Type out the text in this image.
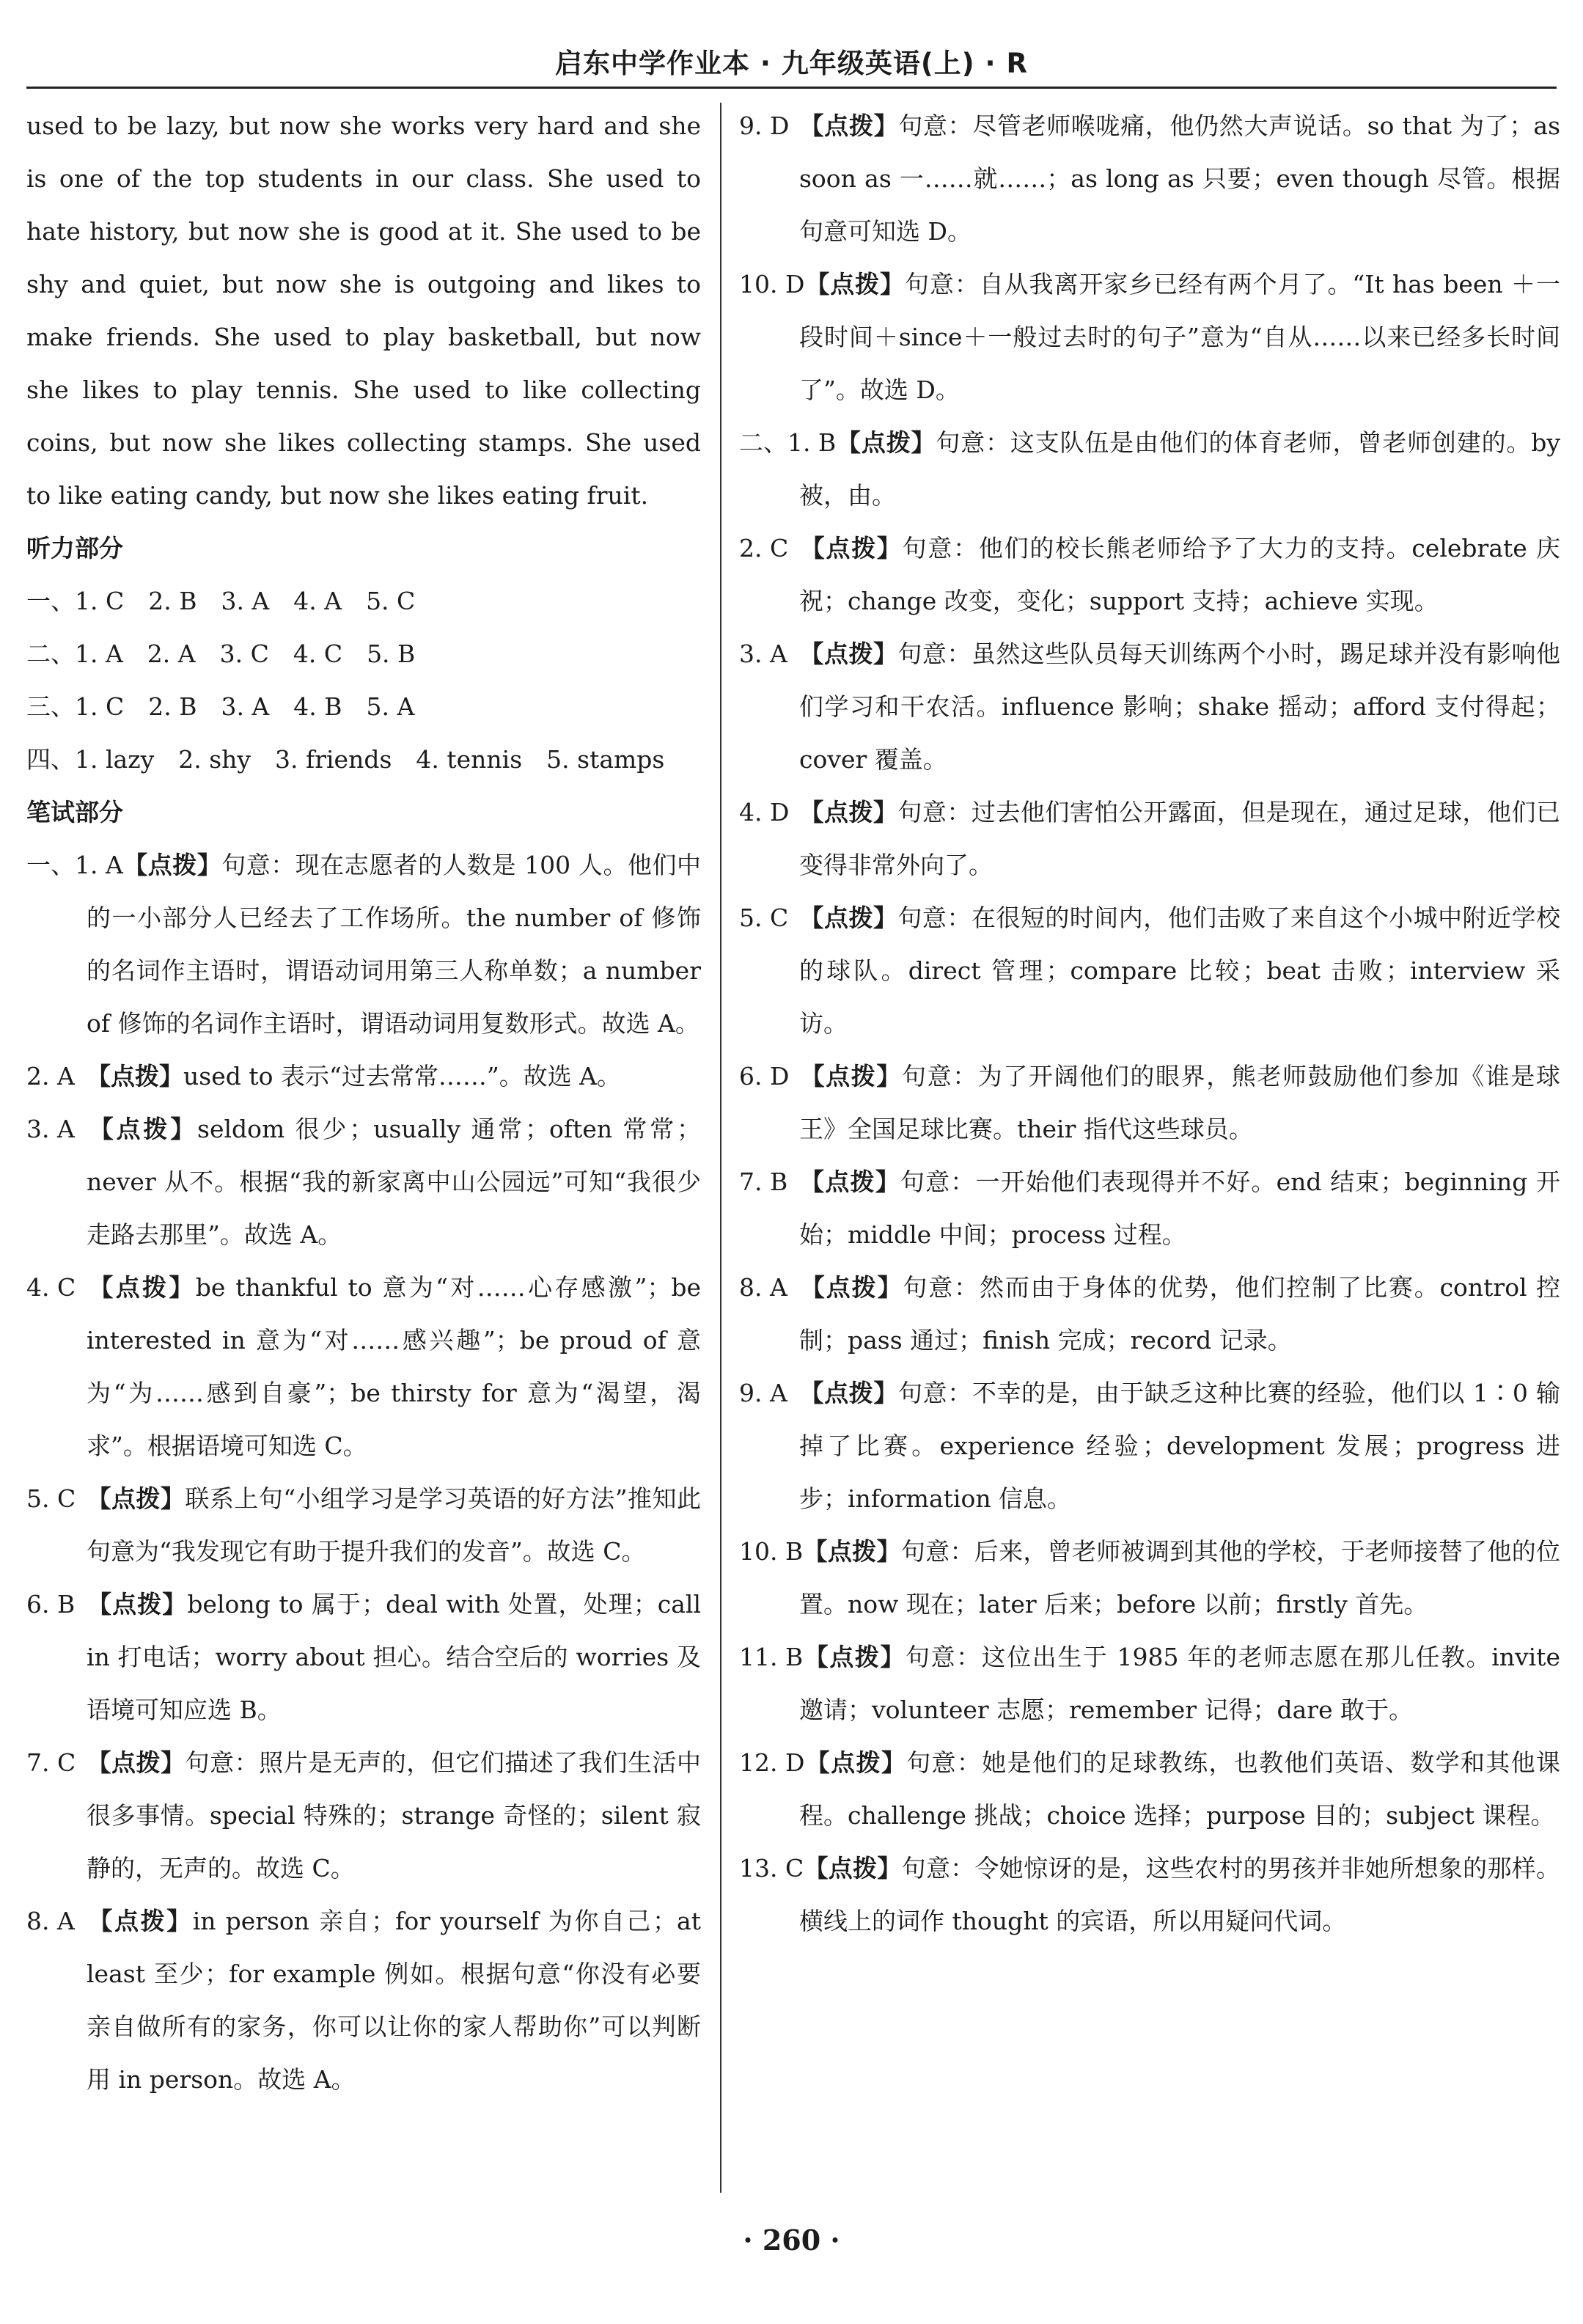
启东中学作业本 · 九年级英语(上) · R

used to be lazy, but now she works very hard and she is one of the top students in our class. She used to hate history, but now she is good at it. She used to be shy and quiet, but now she is outgoing and likes to make friends. She used to play basketball, but now she likes to play tennis. She used to like collecting coins, but now she likes collecting stamps. She used to like eating candy, but now she likes eating fruit.

听力部分

一、1. C　2. B　3. A　4. A　5. C

二、1. A　2. A　3. C　4. C　5. B

三、1. C　2. B　3. A　4. B　5. A

四、1. lazy　2. shy　3. friends　4. tennis　5. stamps

笔试部分

一、1. A【点拨】句意：现在志愿者的人数是 100 人。他们中的一小部分人已经去了工作场所。the number of 修饰的名词作主语时，谓语动词用第三人称单数；a number of 修饰的名词作主语时，谓语动词用复数形式。故选 A。

2. A 【点拨】used to 表示“过去常常……”。故选 A。

3. A 【点拨】seldom 很少；usually 通常；often 常常；never 从不。根据“我的新家离中山公园远”可知“我很少走路去那里”。故选 A。

4. C 【点拨】be thankful to 意为“对……心存感激”；be interested in 意为“对……感兴趣”；be proud of 意为“为……感到自豪”；be thirsty for 意为“渴望，渴求”。根据语境可知选 C。

5. C 【点拨】联系上句“小组学习是学习英语的好方法”推知此句意为“我发现它有助于提升我们的发音”。故选 C。

6. B 【点拨】belong to 属于；deal with 处置，处理；call in 打电话；worry about 担心。结合空后的 worries 及语境可知应选 B。

7. C 【点拨】句意：照片是无声的，但它们描述了我们生活中很多事情。special 特殊的；strange 奇怪的；silent 寂静的，无声的。故选 C。

8. A 【点拨】in person 亲自；for yourself 为你自己；at least 至少；for example 例如。根据句意“你没有必要亲自做所有的家务，你可以让你的家人帮助你”可以判断用 in person。故选 A。

9. D 【点拨】句意：尽管老师喉咙痛，他仍然大声说话。so that 为了；as soon as 一……就……；as long as 只要；even though 尽管。根据句意可知选 D。

10. D【点拨】句意：自从我离开家乡已经有两个月了。“It has been ＋一段时间＋since＋一般过去时的句子”意为“自从……以来已经多长时间了”。故选 D。

二、1. B【点拨】句意：这支队伍是由他们的体育老师，曾老师创建的。by 被，由。

2. C 【点拨】句意：他们的校长熊老师给予了大力的支持。celebrate 庆祝；change 改变，变化；support 支持；achieve 实现。

3. A 【点拨】句意：虽然这些队员每天训练两个小时，踢足球并没有影响他们学习和干农活。influence 影响；shake 摇动；afford 支付得起；cover 覆盖。

4. D 【点拨】句意：过去他们害怕公开露面，但是现在，通过足球，他们已变得非常外向了。

5. C 【点拨】句意：在很短的时间内，他们击败了来自这个小城中附近学校的球队。direct 管理；compare 比较；beat 击败；interview 采访。

6. D 【点拨】句意：为了开阔他们的眼界，熊老师鼓励他们参加《谁是球王》全国足球比赛。their 指代这些球员。

7. B 【点拨】句意：一开始他们表现得并不好。end 结束；beginning 开始；middle 中间；process 过程。

8. A 【点拨】句意：然而由于身体的优势，他们控制了比赛。control 控制；pass 通过；finish 完成；record 记录。

9. A 【点拨】句意：不幸的是，由于缺乏这种比赛的经验，他们以 1∶0 输掉了比赛。experience 经验；development 发展；progress 进步；information 信息。

10. B【点拨】句意：后来，曾老师被调到其他的学校，于老师接替了他的位置。now 现在；later 后来；before 以前；firstly 首先。

11. B【点拨】句意：这位出生于 1985 年的老师志愿在那儿任教。invite 邀请；volunteer 志愿；remember 记得；dare 敢于。

12. D【点拨】句意：她是他们的足球教练，也教他们英语、数学和其他课程。challenge 挑战；choice 选择；purpose 目的；subject 课程。

13. C【点拨】句意：令她惊讶的是，这些农村的男孩并非她所想象的那样。横线上的词作 thought 的宾语，所以用疑问代词。

· 260 ·
